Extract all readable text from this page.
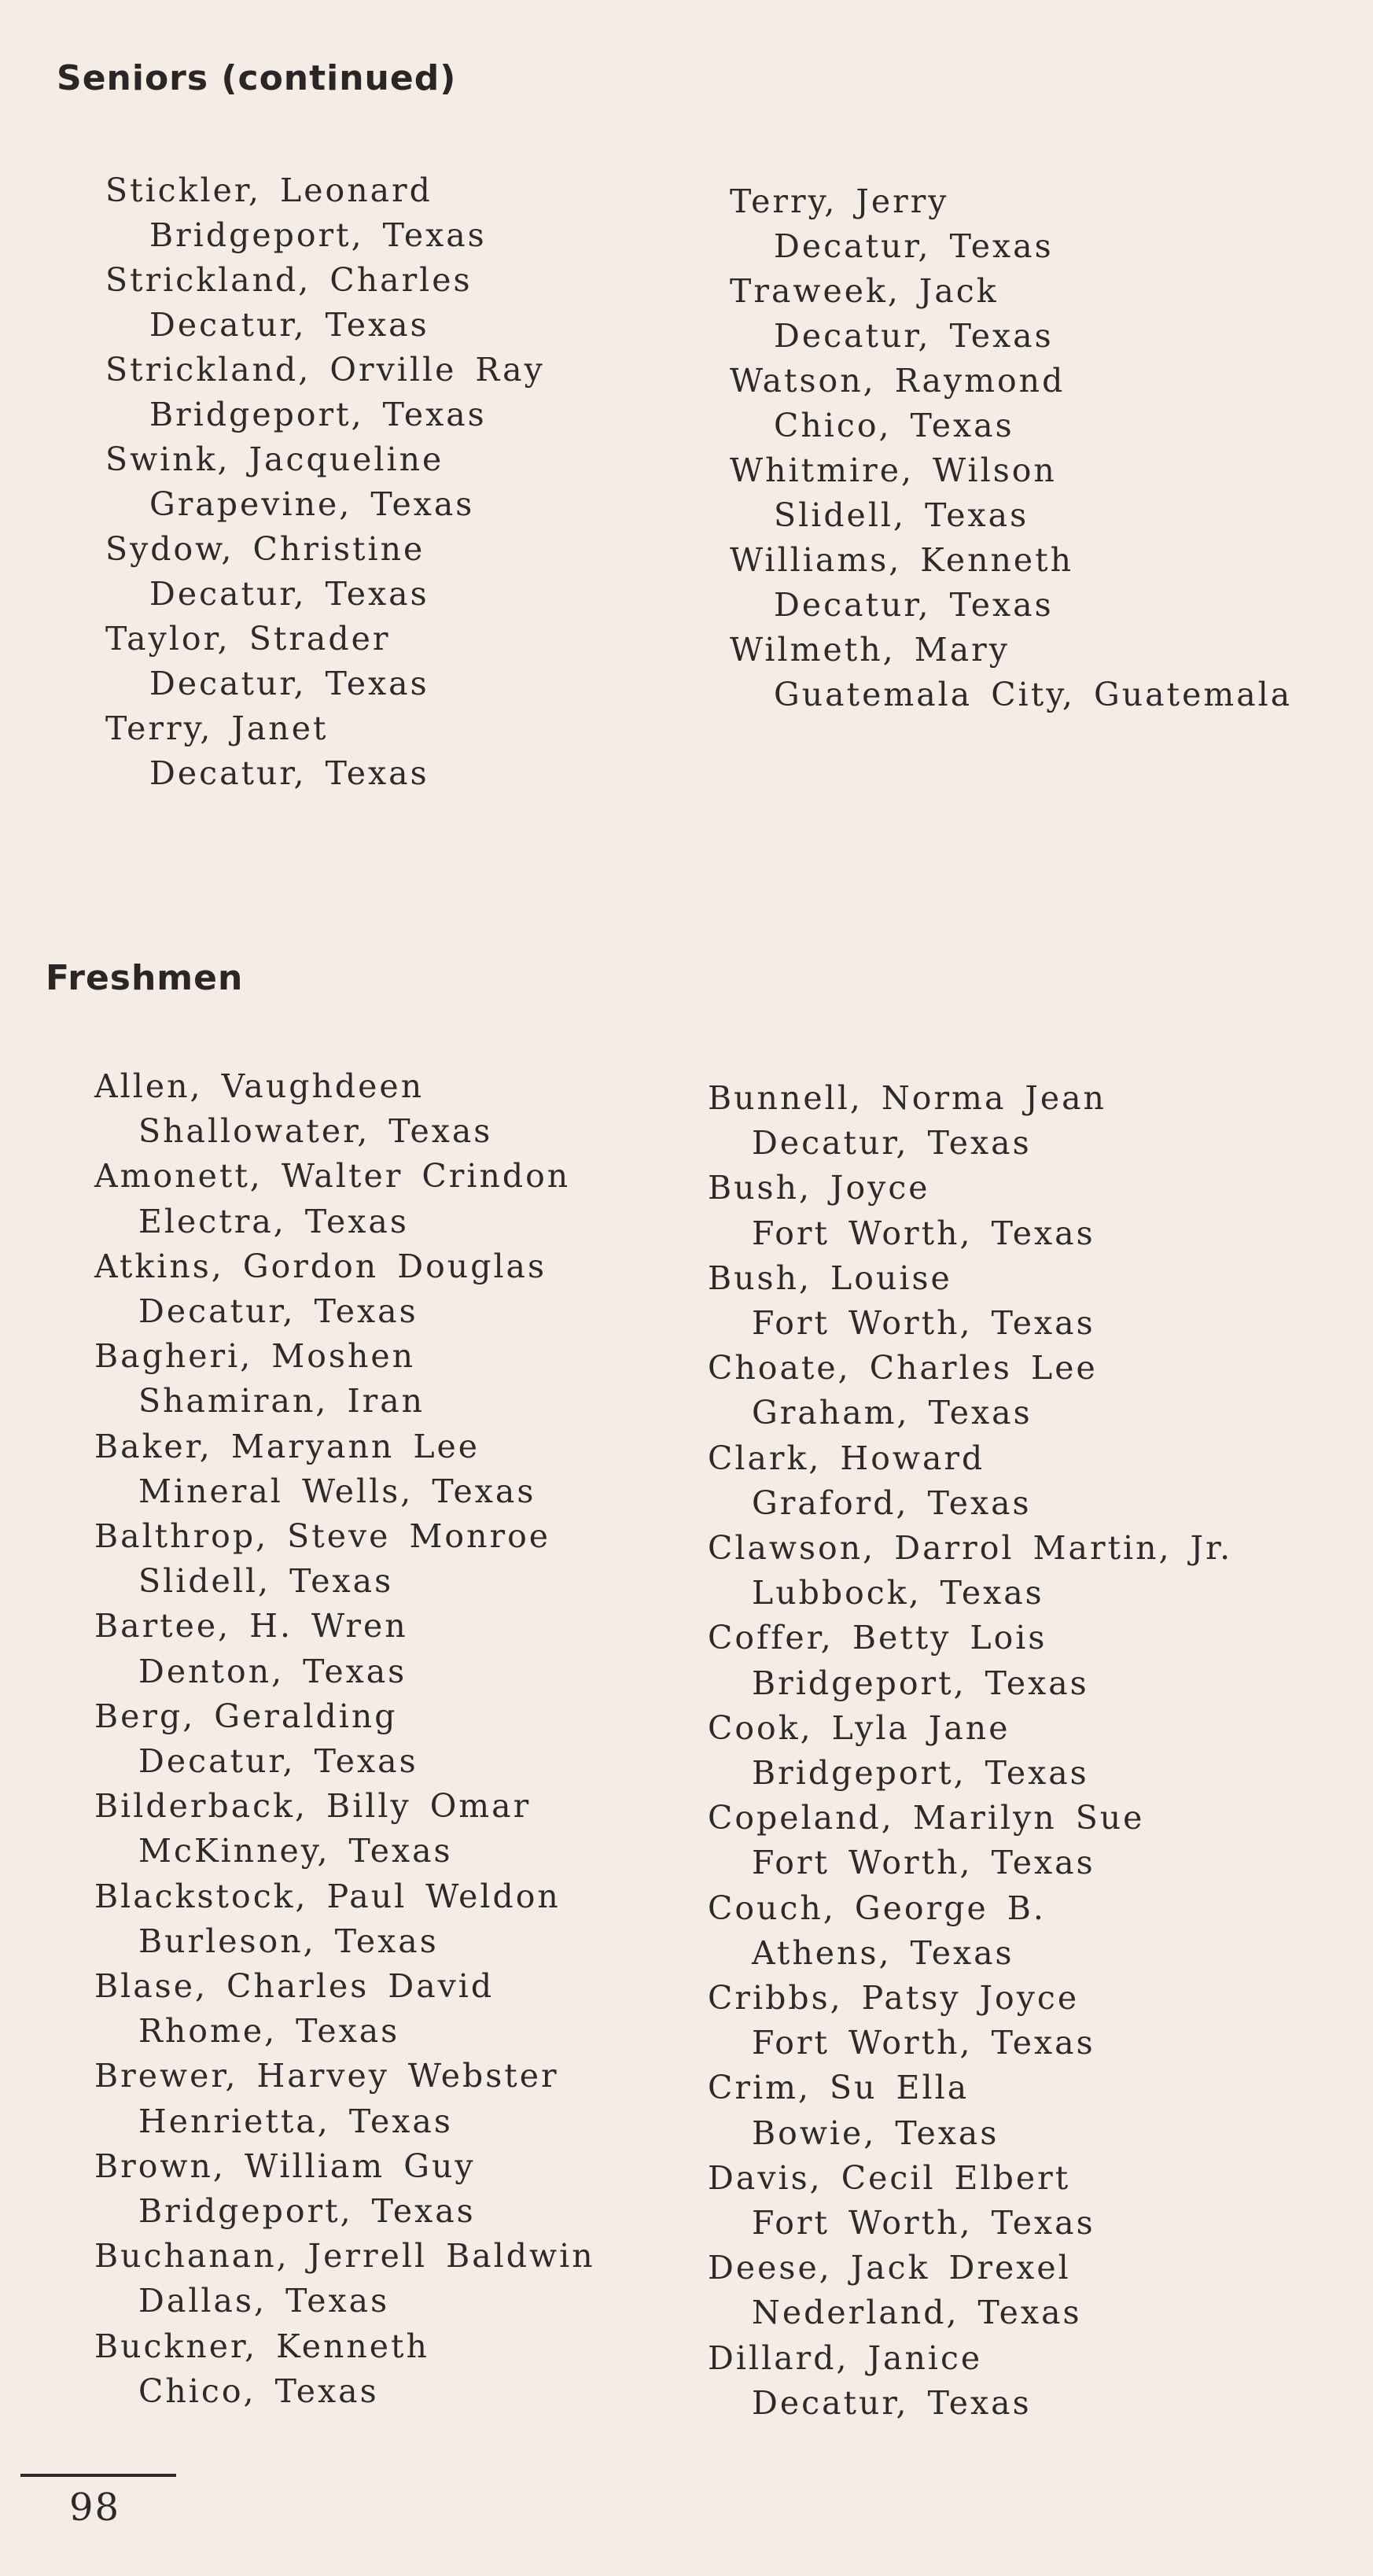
Seniors (continued)
Stickler, Leonard
Bridgeport, Texas
Strickland, Charles
Decatur, Texas
Strickland, Orville Ray
Bridgeport, Texas
Swink, Jacqueline
Grapevine, Texas
Sydow, Christine
Decatur, Texas
Taylor, Strader
Decatur, Texas
Terry, Janet
Decatur, Texas
Terry, Jerry
Decatur, Texas
Traweek, Jack
Decatur, Texas
Watson, Raymond
Chico, Texas
Whitmire, Wilson
Slidell, Texas
Williams, Kenneth
Decatur, Texas
Wilmeth, Mary
Guatemala City, Guatemala
Freshmen
Allen, Vaughdeen
Shallowater, Texas
Amonett, Walter Crindon
Electra, Texas
Atkins, Gordon Douglas
Decatur, Texas
Bagheri, Moshen
Shamiran, Iran
Baker, Maryann Lee
Mineral Wells, Texas
Balthrop, Steve Monroe
Slidell, Texas
Bartee, H. Wren
Denton, Texas
Berg, Geralding
Decatur, Texas
Bilderback, Billy Omar
McKinney, Texas
Blackstock, Paul Weldon
Burleson, Texas
Blase, Charles David
Rhome, Texas
Brewer, Harvey Webster
Henrietta, Texas
Brown, William Guy
Bridgeport, Texas
Buchanan, Jerrell Baldwin
Dallas, Texas
Buckner, Kenneth
Chico, Texas
Bunnell, Norma Jean
Decatur, Texas
Bush, Joyce
Fort Worth, Texas
Bush, Louise
Fort Worth, Texas
Choate, Charles Lee
Graham, Texas
Clark, Howard
Graford, Texas
Clawson, Darrol Martin, Jr.
Lubbock, Texas
Coffer, Betty Lois
Bridgeport, Texas
Cook, Lyla Jane
Bridgeport, Texas
Copeland, Marilyn Sue
Fort Worth, Texas
Couch, George B.
Athens, Texas
Cribbs, Patsy Joyce
Fort Worth, Texas
Crim, Su Ella
Bowie, Texas
Davis, Cecil Elbert
Fort Worth, Texas
Deese, Jack Drexel
Nederland, Texas
Dillard, Janice
Decatur, Texas
98
